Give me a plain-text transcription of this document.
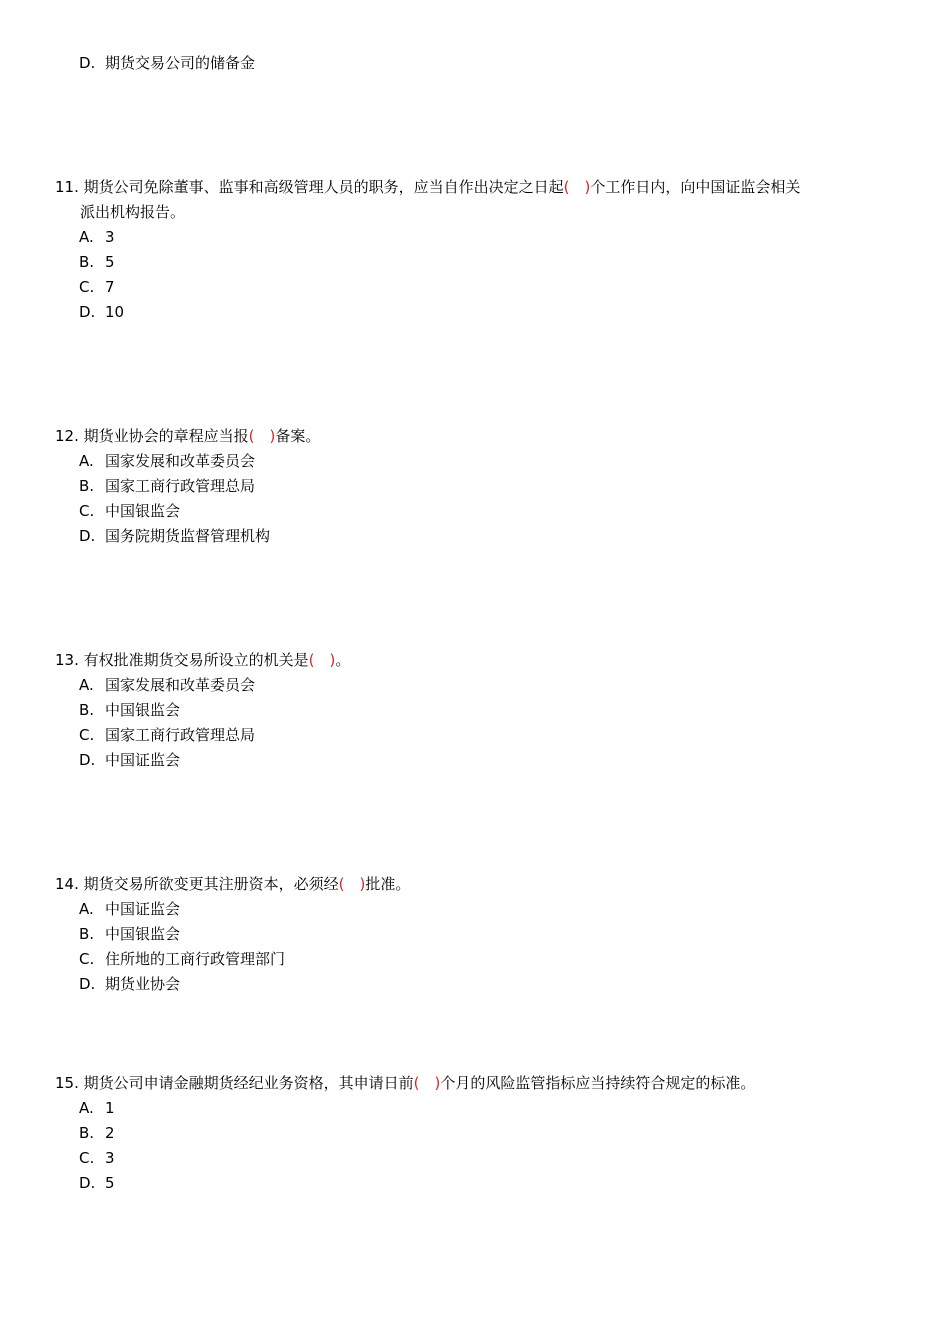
D. 期货交易公司的储备金
11. 期货公司免除董事、监事和高级管理人员的职务，应当自作出决定之日起(　 )个工作日内，向中国证监会相关
派出机构报告。
A. 3
B. 5
C. 7
D. 10
12. 期货业协会的章程应当报(　 )备案。
A. 国家发展和改革委员会
B. 国家工商行政管理总局
C. 中国银监会
D. 国务院期货监督管理机构
13. 有权批准期货交易所设立的机关是(　 )。
A. 国家发展和改革委员会
B. 中国银监会
C. 国家工商行政管理总局
D. 中国证监会
14. 期货交易所欲变更其注册资本，必须经(　 )批准。
A. 中国证监会
B. 中国银监会
C. 住所地的工商行政管理部门
D. 期货业协会
15. 期货公司申请金融期货经纪业务资格，其申请日前(　 )个月的风险监管指标应当持续符合规定的标准。
A. 1
B. 2
C. 3
D. 5
